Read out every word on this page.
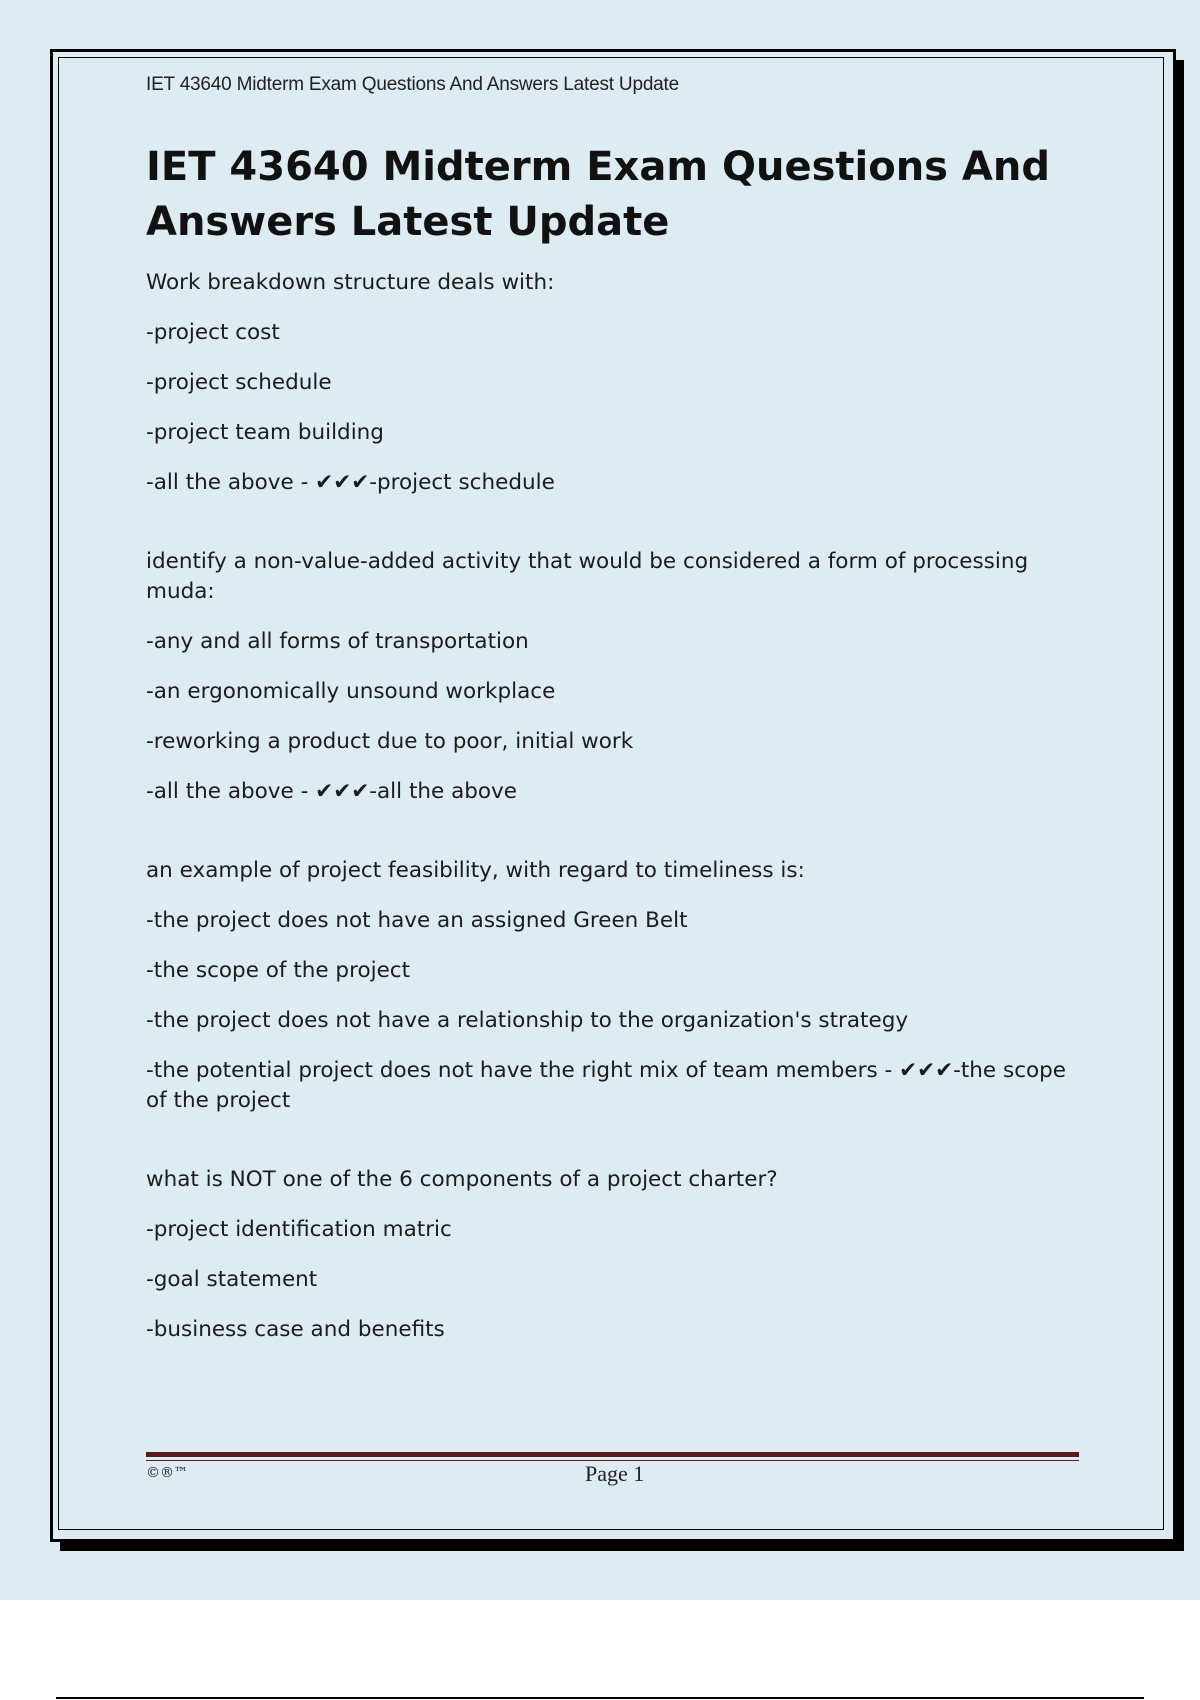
IET 43640 Midterm Exam Questions And Answers Latest Update
IET 43640 Midterm Exam Questions And Answers Latest Update

Work breakdown structure deals with:

-project cost

-project schedule

-project team building

-all the above - ✔✔✔-project schedule

identify a non-value-added activity that would be considered a form of processing muda:

-any and all forms of transportation

-an ergonomically unsound workplace

-reworking a product due to poor, initial work

-all the above - ✔✔✔-all the above

an example of project feasibility, with regard to timeliness is:

-the project does not have an assigned Green Belt

-the scope of the project

-the project does not have a relationship to the organization's strategy

-the potential project does not have the right mix of team members - ✔✔✔-the scope of the project

what is NOT one of the 6 components of a project charter?

-project identification matric

-goal statement

-business case and benefits

©®™	Page 1
